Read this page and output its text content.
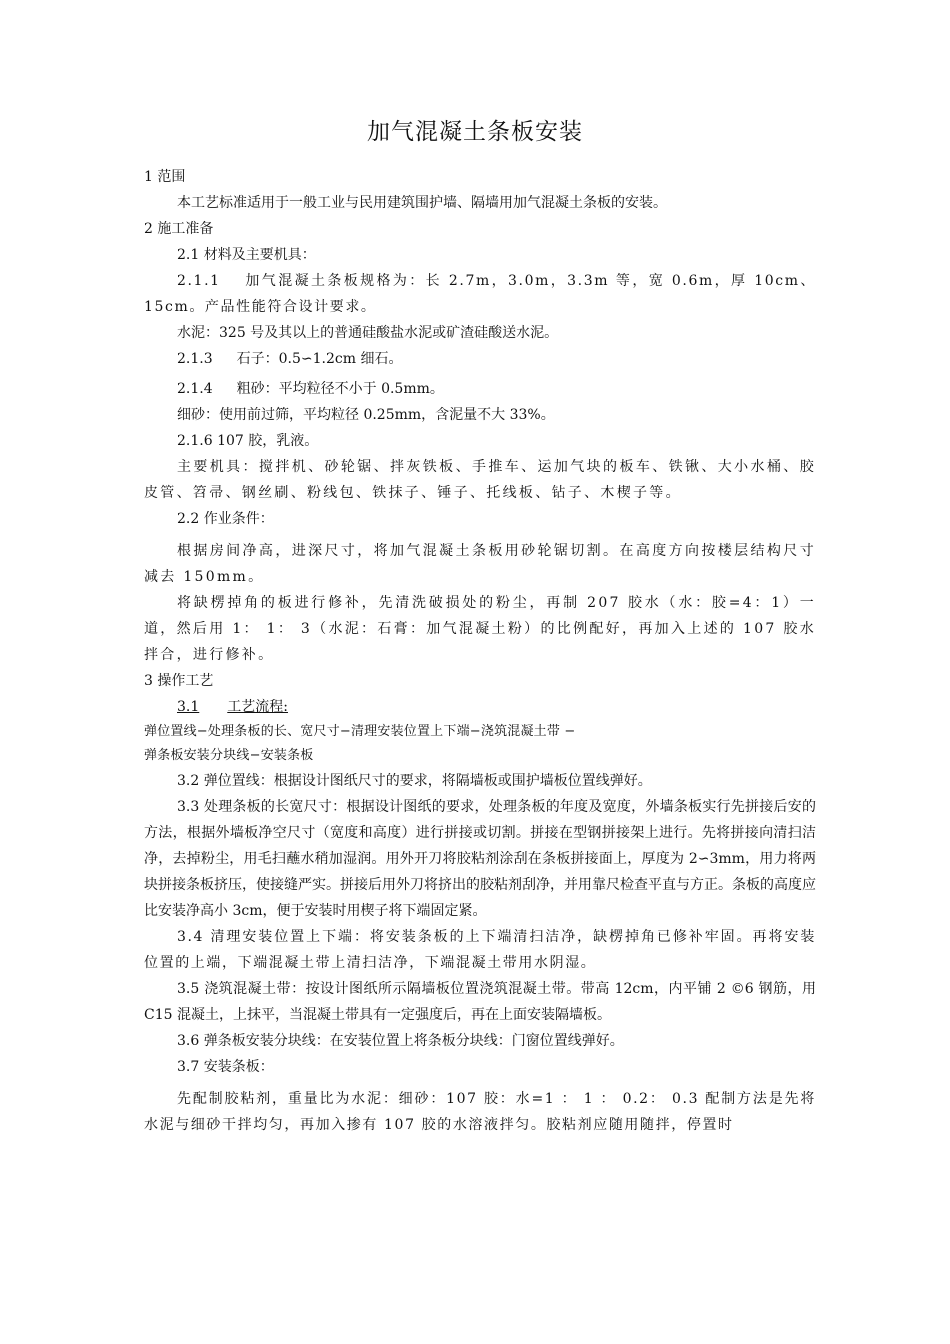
加气混凝土条板安装

1 范围

本工艺标准适用于一般工业与民用建筑围护墙、隔墙用加气混凝土条板的安装。

2 施工准备

2.1 材料及主要机具：

2.1.1 加气混凝土条板规格为：长 2.7m，3.0m，3.3m 等，宽 0.6m，厚 10cm、15cm。产品性能符合设计要求。

水泥：325 号及其以上的普通硅酸盐水泥或矿渣硅酸送水泥。

2.1.3 石子：0.5∽1.2cm 细石。

2.1.4 粗砂：平均粒径不小于 0.5mm。

细砂：使用前过筛，平均粒径 0.25mm，含泥量不大 33%。

2.1.6 107 胶，乳液。

主要机具：搅拌机、砂轮锯、拌灰铁板、手推车、运加气块的板车、铁锹、大小水桶、胶皮管、笤帚、钢丝刷、粉线包、铁抹子、锤子、托线板、钻子、木楔子等。

2.2 作业条件：

根据房间净高，进深尺寸，将加气混凝土条板用砂轮锯切割。在高度方向按楼层结构尺寸减去 150mm。

将缺楞掉角的板进行修补，先清洗破损处的粉尘，再制 207 胶水（水：胶=4：1）一道，然后用 1： 1： 3（水泥：石膏：加气混凝土粉）的比例配好，再加入上述的 107 胶水拌合，进行修补。

3 操作工艺

3.1 工艺流程:

弹位置线−处理条板的长、宽尺寸−清理安装位置上下端−浇筑混凝土带 −

弹条板安装分块线−安装条板

3.2 弹位置线：根据设计图纸尺寸的要求，将隔墙板或围护墙板位置线弹好。

3.3 处理条板的长宽尺寸：根据设计图纸的要求，处理条板的年度及宽度，外墙条板实行先拼接后安的方法，根据外墙板净空尺寸（宽度和高度）进行拼接或切割。拼接在型钢拼接架上进行。先将拼接向清扫洁净，去掉粉尘，用毛扫蘸水稍加湿润。用外开刀将胶粘剂涂刮在条板拼接面上，厚度为 2∽3mm，用力将两块拼接条板挤压，使接缝严实。拼接后用外刀将挤出的胶粘剂刮净，并用靠尺检查平直与方正。条板的高度应比安装净高小 3cm，便于安装时用楔子将下端固定紧。

3.4 清理安装位置上下端：将安装条板的上下端清扫洁净，缺楞掉角已修补牢固。再将安装位置的上端，下端混凝土带上清扫洁净，下端混凝土带用水阴湿。

3.5 浇筑混凝土带：按设计图纸所示隔墙板位置浇筑混凝土带。带高 12cm，内平铺 2 ©6 钢筋，用 C15 混凝土，上抹平，当混凝土带具有一定强度后，再在上面安装隔墙板。

3.6 弹条板安装分块线：在安装位置上将条板分块线：门窗位置线弹好。

3.7 安装条板：

先配制胶粘剂，重量比为水泥：细砂：107 胶：水=1 ： 1 ： 0.2： 0.3 配制方法是先将水泥与细砂干拌均匀，再加入掺有 107 胶的水溶液拌匀。胶粘剂应随用随拌，停置时
